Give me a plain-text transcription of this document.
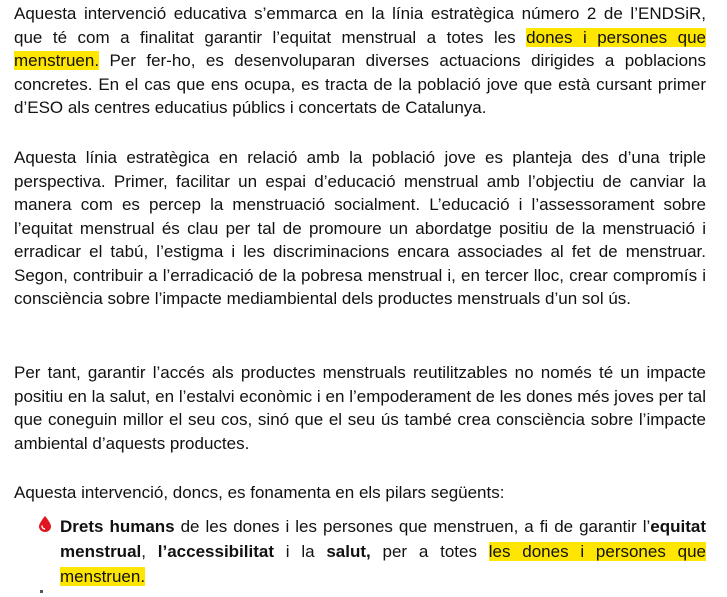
Aquesta intervenció educativa s’emmarca en la línia estratègica número 2 de l’ENDSiR, que té com a finalitat garantir l’equitat menstrual a totes les dones i persones que menstruen. Per fer-ho, es desenvoluparan diverses actuacions dirigides a poblacions concretes. En el cas que ens ocupa, es tracta de la població jove que està cursant primer d’ESO als centres educatius públics i concertats de Catalunya.

Aquesta línia estratègica en relació amb la població jove es planteja des d’una triple perspectiva. Primer, facilitar un espai d’educació menstrual amb l’objectiu de canviar la manera com es percep la menstruació socialment. L’educació i l’assessorament sobre l’equitat menstrual és clau per tal de promoure un abordatge positiu de la menstruació i erradicar el tabú, l’estigma i les discriminacions encara associades al fet de menstruar. Segon, contribuir a l’erradicació de la pobresa menstrual i, en tercer lloc, crear compromís i consciència sobre l’impacte mediambiental dels productes menstruals d’un sol ús.

Per tant, garantir l’accés als productes menstruals reutilitzables no només té un impacte positiu en la salut, en l’estalvi econòmic i en l’empoderament de les dones més joves per tal que coneguin millor el seu cos, sinó que el seu ús també crea consciència sobre l’impacte ambiental d’aquests productes.

Aquesta intervenció, doncs, es fonamenta en els pilars següents:

Drets humans de les dones i les persones que menstruen, a fi de garantir l’equitat menstrual, l’accessibilitat i la salut, per a totes les dones i persones que menstruen.
